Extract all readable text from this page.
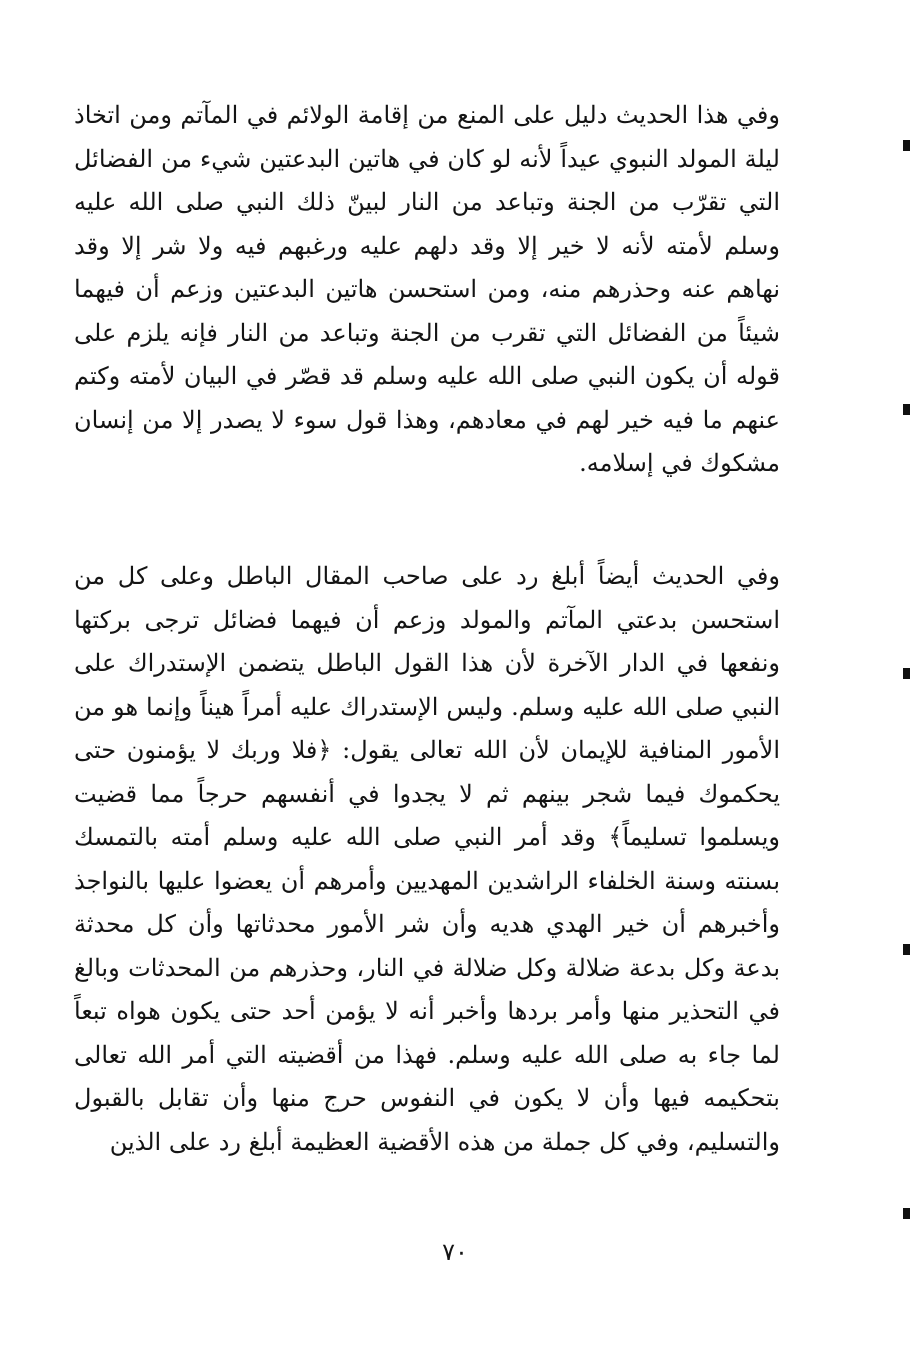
وفي هذا الحديث دليل على المنع من إقامة الولائم في المآتم ومن اتخاذ ليلة المولد النبوي عيداً لأنه لو كان في هاتين البدعتين شيء من الفضائل التي تقرّب من الجنة وتباعد من النار لبينّ ذلك النبي صلى الله عليه وسلم لأمته لأنه لا خير إلا وقد دلهم عليه ورغبهم فيه ولا شر إلا وقد نهاهم عنه وحذرهم منه، ومن استحسن هاتين البدعتين وزعم أن فيهما شيئاً من الفضائل التي تقرب من الجنة وتباعد من النار فإنه يلزم على قوله أن يكون النبي صلى الله عليه وسلم قد قصّر في البيان لأمته وكتم عنهم ما فيه خير لهم في معادهم، وهذا قول سوء لا يصدر إلا من إنسان مشكوك في إسلامه.

وفي الحديث أيضاً أبلغ رد على صاحب المقال الباطل وعلى كل من استحسن بدعتي المآتم والمولد وزعم أن فيهما فضائل ترجى بركتها ونفعها في الدار الآخرة لأن هذا القول الباطل يتضمن الإستدراك على النبي صلى الله عليه وسلم. وليس الإستدراك عليه أمراً هيناً وإنما هو من الأمور المنافية للإيمان لأن الله تعالى يقول: ﴿فلا وربك لا يؤمنون حتى يحكموك فيما شجر بينهم ثم لا يجدوا في أنفسهم حرجاً مما قضيت ويسلموا تسليماً﴾ وقد أمر النبي صلى الله عليه وسلم أمته بالتمسك بسنته وسنة الخلفاء الراشدين المهديين وأمرهم أن يعضوا عليها بالنواجذ وأخبرهم أن خير الهدي هديه وأن شر الأمور محدثاتها وأن كل محدثة بدعة وكل بدعة ضلالة وكل ضلالة في النار، وحذرهم من المحدثات وبالغ في التحذير منها وأمر بردها وأخبر أنه لا يؤمن أحد حتى يكون هواه تبعاً لما جاء به صلى الله عليه وسلم. فهذا من أقضيته التي أمر الله تعالى بتحكيمه فيها وأن لا يكون في النفوس حرج منها وأن تقابل بالقبول والتسليم، وفي كل جملة من هذه الأقضية العظيمة أبلغ رد على الذين

٧٠
